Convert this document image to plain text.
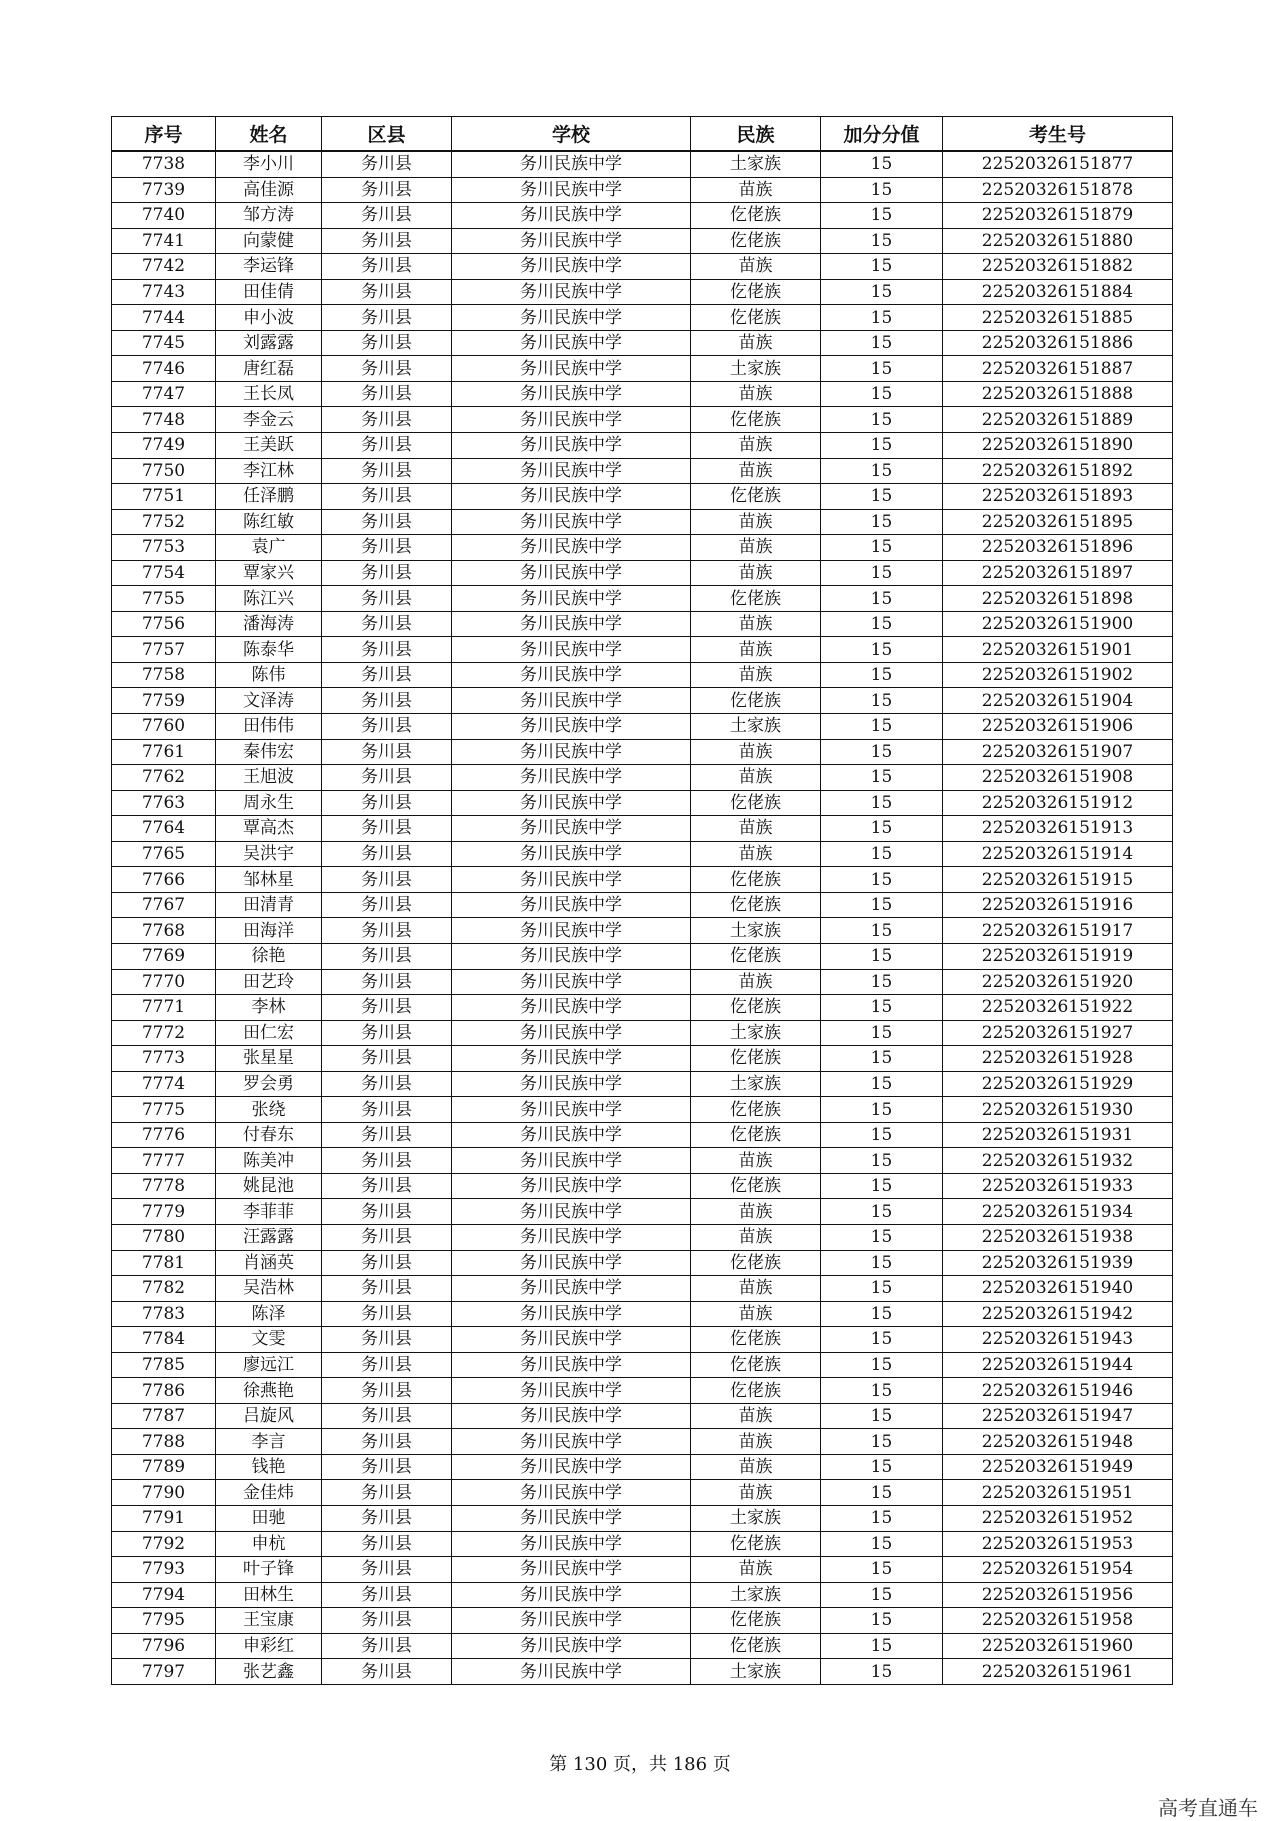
序号	姓名	区县	学校	民族	加分分值	考生号
7738	李小川	务川县	务川民族中学	土家族	15	22520326151877
7739	高佳源	务川县	务川民族中学	苗族	15	22520326151878
7740	邹方涛	务川县	务川民族中学	仡佬族	15	22520326151879
7741	向蒙健	务川县	务川民族中学	仡佬族	15	22520326151880
7742	李运锋	务川县	务川民族中学	苗族	15	22520326151882
7743	田佳倩	务川县	务川民族中学	仡佬族	15	22520326151884
7744	申小波	务川县	务川民族中学	仡佬族	15	22520326151885
7745	刘露露	务川县	务川民族中学	苗族	15	22520326151886
7746	唐红磊	务川县	务川民族中学	土家族	15	22520326151887
7747	王长凤	务川县	务川民族中学	苗族	15	22520326151888
7748	李金云	务川县	务川民族中学	仡佬族	15	22520326151889
7749	王美跃	务川县	务川民族中学	苗族	15	22520326151890
7750	李江林	务川县	务川民族中学	苗族	15	22520326151892
7751	任泽鹏	务川县	务川民族中学	仡佬族	15	22520326151893
7752	陈红敏	务川县	务川民族中学	苗族	15	22520326151895
7753	袁广	务川县	务川民族中学	苗族	15	22520326151896
7754	覃家兴	务川县	务川民族中学	苗族	15	22520326151897
7755	陈江兴	务川县	务川民族中学	仡佬族	15	22520326151898
7756	潘海涛	务川县	务川民族中学	苗族	15	22520326151900
7757	陈泰华	务川县	务川民族中学	苗族	15	22520326151901
7758	陈伟	务川县	务川民族中学	苗族	15	22520326151902
7759	文泽涛	务川县	务川民族中学	仡佬族	15	22520326151904
7760	田伟伟	务川县	务川民族中学	土家族	15	22520326151906
7761	秦伟宏	务川县	务川民族中学	苗族	15	22520326151907
7762	王旭波	务川县	务川民族中学	苗族	15	22520326151908
7763	周永生	务川县	务川民族中学	仡佬族	15	22520326151912
7764	覃高杰	务川县	务川民族中学	苗族	15	22520326151913
7765	吴洪宇	务川县	务川民族中学	苗族	15	22520326151914
7766	邹林星	务川县	务川民族中学	仡佬族	15	22520326151915
7767	田清青	务川县	务川民族中学	仡佬族	15	22520326151916
7768	田海洋	务川县	务川民族中学	土家族	15	22520326151917
7769	徐艳	务川县	务川民族中学	仡佬族	15	22520326151919
7770	田艺玲	务川县	务川民族中学	苗族	15	22520326151920
7771	李林	务川县	务川民族中学	仡佬族	15	22520326151922
7772	田仁宏	务川县	务川民族中学	土家族	15	22520326151927
7773	张星星	务川县	务川民族中学	仡佬族	15	22520326151928
7774	罗会勇	务川县	务川民族中学	土家族	15	22520326151929
7775	张绕	务川县	务川民族中学	仡佬族	15	22520326151930
7776	付春东	务川县	务川民族中学	仡佬族	15	22520326151931
7777	陈美冲	务川县	务川民族中学	苗族	15	22520326151932
7778	姚昆池	务川县	务川民族中学	仡佬族	15	22520326151933
7779	李菲菲	务川县	务川民族中学	苗族	15	22520326151934
7780	汪露露	务川县	务川民族中学	苗族	15	22520326151938
7781	肖涵英	务川县	务川民族中学	仡佬族	15	22520326151939
7782	吴浩林	务川县	务川民族中学	苗族	15	22520326151940
7783	陈泽	务川县	务川民族中学	苗族	15	22520326151942
7784	文雯	务川县	务川民族中学	仡佬族	15	22520326151943
7785	廖远江	务川县	务川民族中学	仡佬族	15	22520326151944
7786	徐燕艳	务川县	务川民族中学	仡佬族	15	22520326151946
7787	吕旋风	务川县	务川民族中学	苗族	15	22520326151947
7788	李言	务川县	务川民族中学	苗族	15	22520326151948
7789	钱艳	务川县	务川民族中学	苗族	15	22520326151949
7790	金佳炜	务川县	务川民族中学	苗族	15	22520326151951
7791	田驰	务川县	务川民族中学	土家族	15	22520326151952
7792	申杭	务川县	务川民族中学	仡佬族	15	22520326151953
7793	叶子锋	务川县	务川民族中学	苗族	15	22520326151954
7794	田林生	务川县	务川民族中学	土家族	15	22520326151956
7795	王宝康	务川县	务川民族中学	仡佬族	15	22520326151958
7796	申彩红	务川县	务川民族中学	仡佬族	15	22520326151960
7797	张艺鑫	务川县	务川民族中学	土家族	15	22520326151961
第 130 页，共 186 页
高考直通车
